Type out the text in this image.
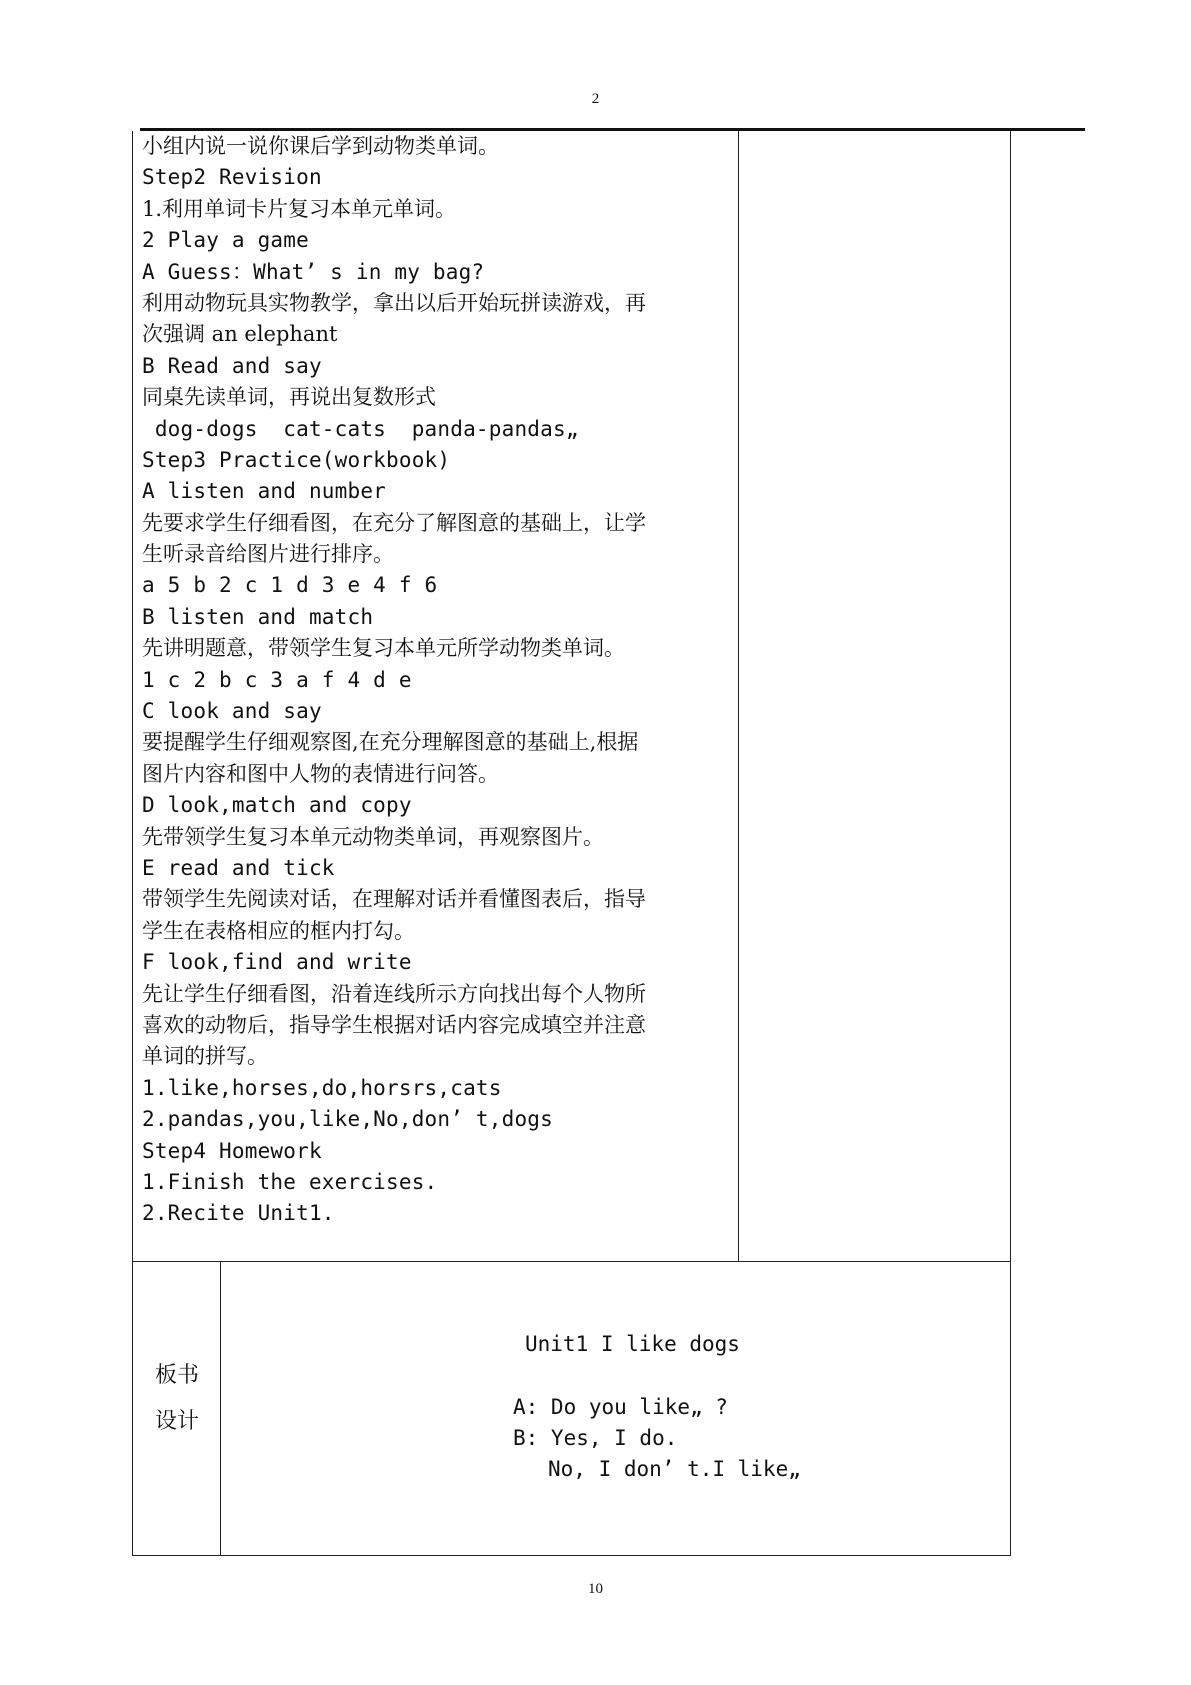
2
10
小组内说一说你课后学到动物类单词。
Step2 Revision
1.利用单词卡片复习本单元单词。
2 Play a game
A Guess：What’ s in my bag?
利用动物玩具实物教学，拿出以后开始玩拼读游戏，再
次强调 an elephant
B Read and say
同桌先读单词，再说出复数形式
dog-dogs  cat-cats  panda-pandas„
Step3 Practice(workbook)
A listen and number
先要求学生仔细看图，在充分了解图意的基础上，让学
生听录音给图片进行排序。
a 5 b 2 c 1 d 3 e 4 f 6
B listen and match
先讲明题意，带领学生复习本单元所学动物类单词。
1 c 2 b c 3 a f 4 d e
C look and say
要提醒学生仔细观察图,在充分理解图意的基础上,根据
图片内容和图中人物的表情进行问答。
D look,match and copy
先带领学生复习本单元动物类单词，再观察图片。
E read and tick
带领学生先阅读对话，在理解对话并看懂图表后，指导
学生在表格相应的框内打勾。
F look,find and write
先让学生仔细看图，沿着连线所示方向找出每个人物所
喜欢的动物后，指导学生根据对话内容完成填空并注意
单词的拼写。
1.like,horses,do,horsrs,cats
2.pandas,you,like,No,don’ t,dogs
Step4 Homework
1.Finish the exercises.
2.Recite Unit1.
板书
设计
Unit1 I like dogs
A: Do you like„ ?
B: Yes, I do.
No, I don’ t.I like„
